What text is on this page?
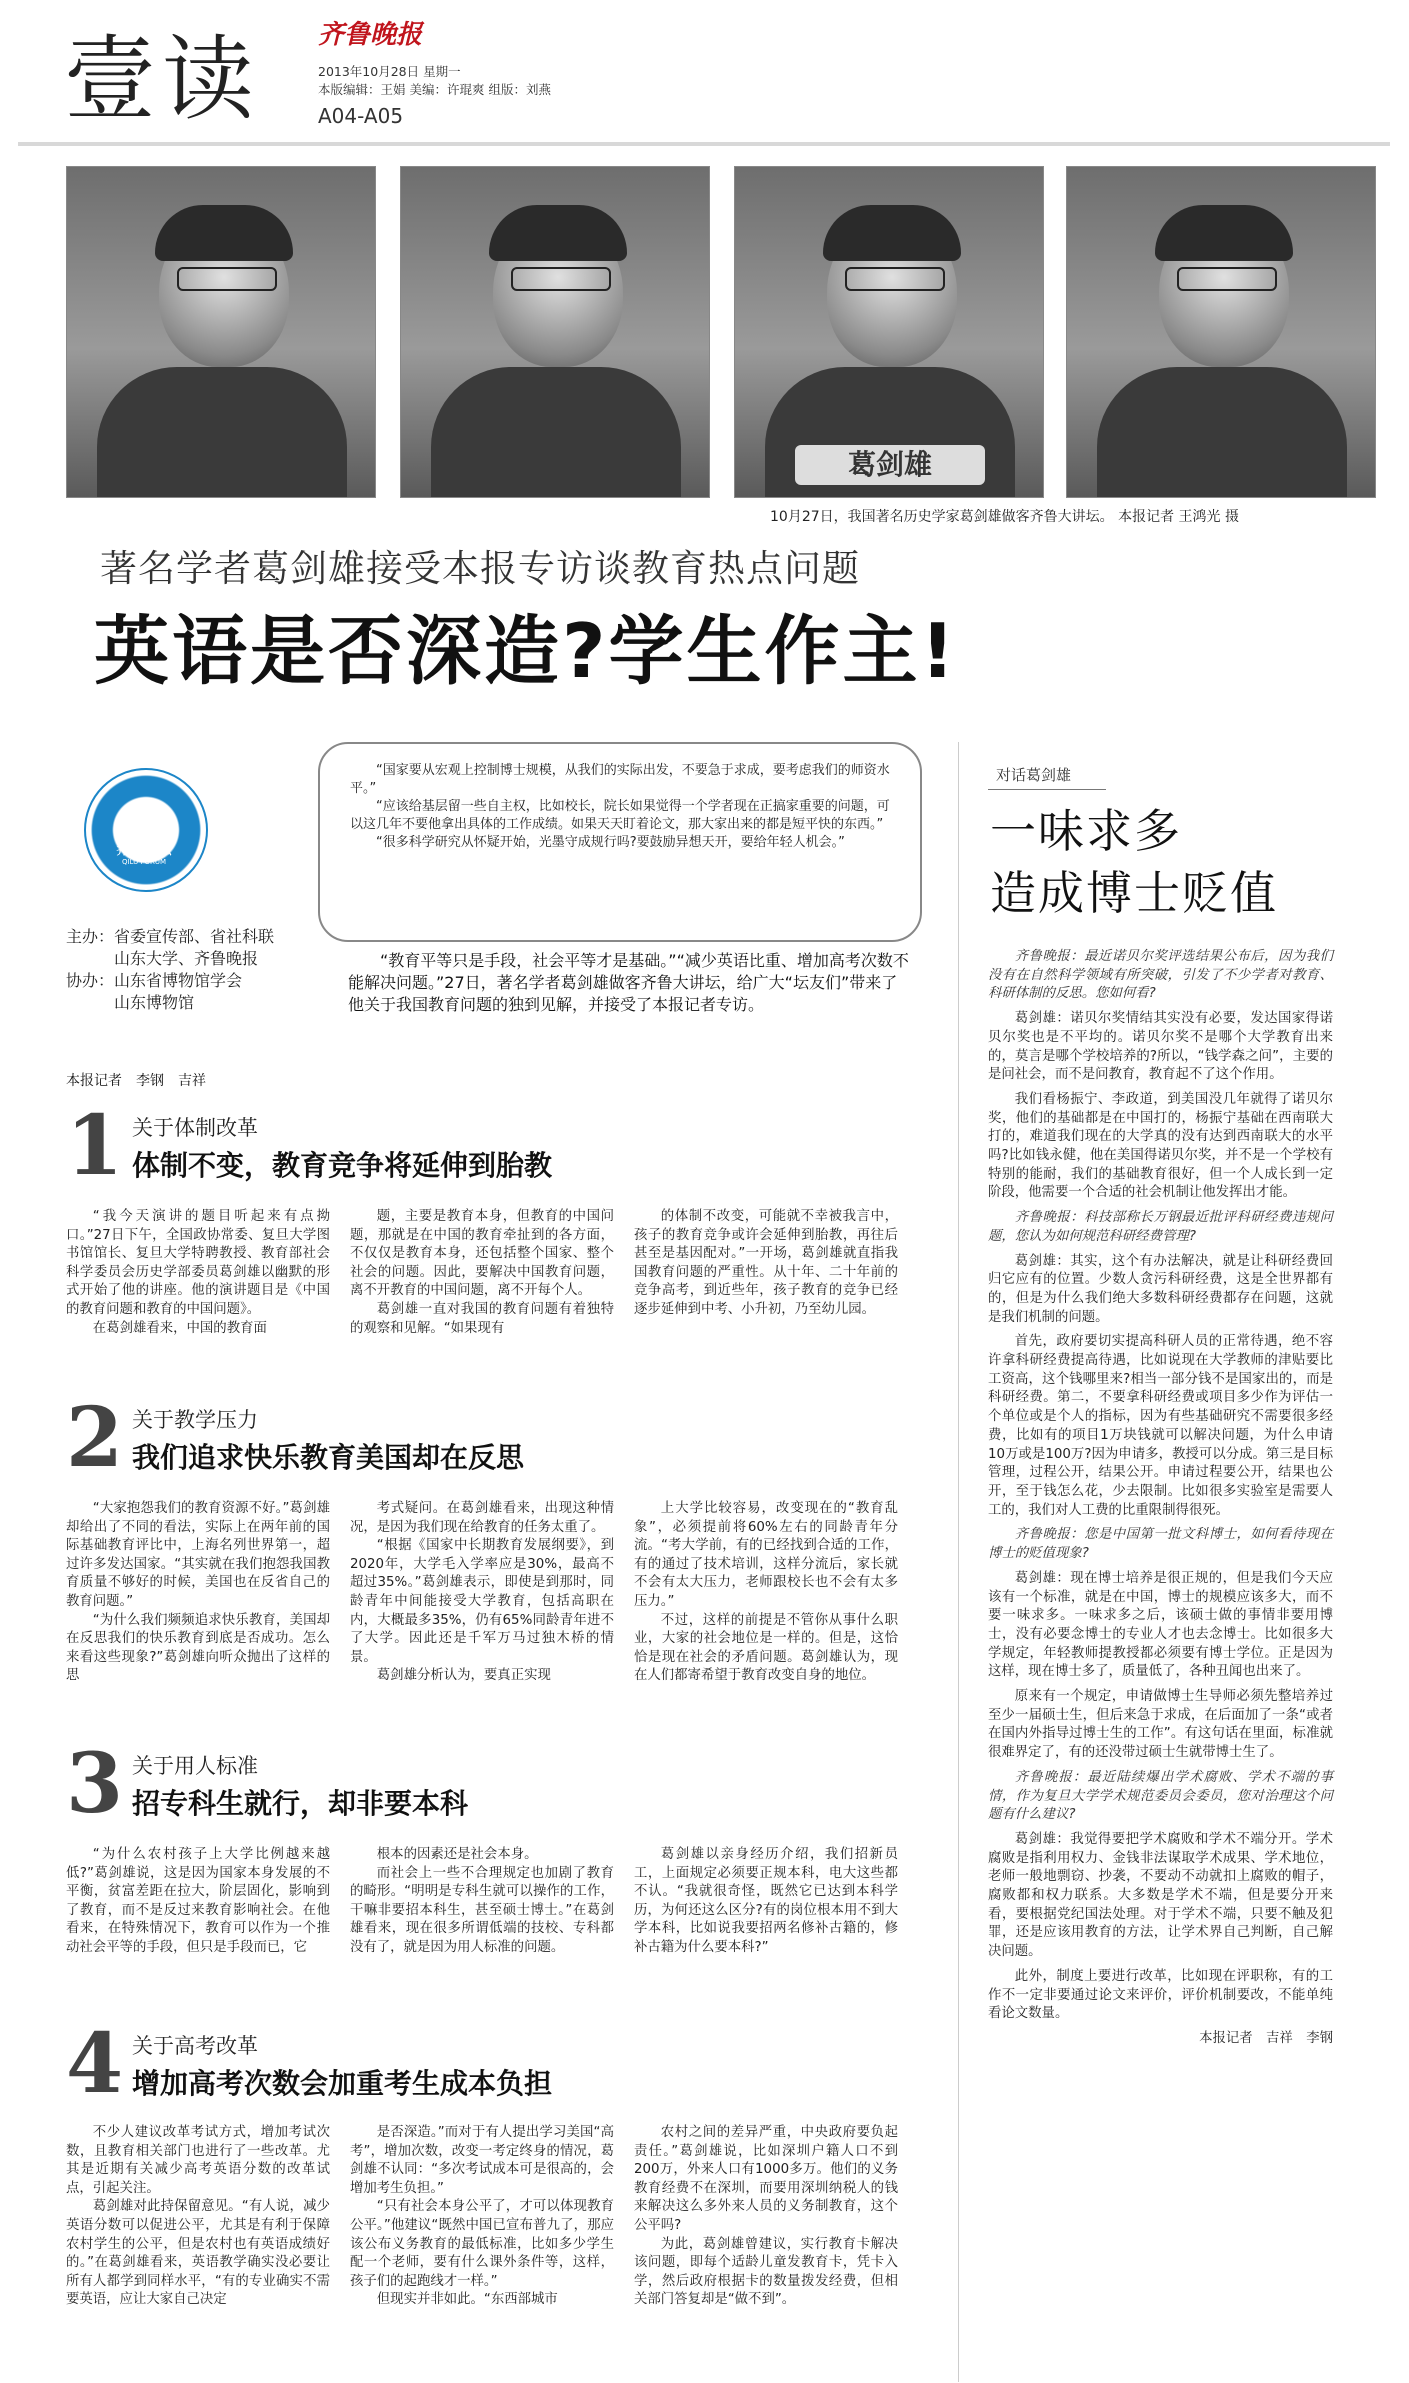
壹读 齐鲁晚报
2013年10月28日 星期一
本版编辑：王娟 美编：许琨爽 组版：刘燕
A04-A05
葛剑雄
10月27日，我国著名历史学家葛剑雄做客齐鲁大讲坛。 本报记者 王鸿光 摄
著名学者葛剑雄接受本报专访谈教育热点问题
英语是否深造?学生作主!
齐鲁大讲坛
QILU FORUM
主办：省委宣传部、省社科联
　　　山东大学、齐鲁晚报
协办：山东省博物馆学会
　　　山东博物馆

“国家要从宏观上控制博士规模，从我们的实际出发，不要急于求成，要考虑我们的师资水平。”

“应该给基层留一些自主权，比如校长，院长如果觉得一个学者现在正搞家重要的问题，可以这几年不要他拿出具体的工作成绩。如果天天盯着论文，那大家出来的都是短平快的东西。”

“很多科学研究从怀疑开始，光墨守成规行吗?要鼓励异想天开，要给年轻人机会。”

“教育平等只是手段，社会平等才是基础。”“减少英语比重、增加高考次数不能解决问题。”27日，著名学者葛剑雄做客齐鲁大讲坛，给广大“坛友们”带来了他关于我国教育问题的独到见解，并接受了本报记者专访。
本报记者　李钢　吉祥
1 关于体制改革
体制不变，教育竞争将延伸到胎教

“我今天演讲的题目听起来有点拗口。”27日下午，全国政协常委、复旦大学图书馆馆长、复旦大学特聘教授、教育部社会科学委员会历史学部委员葛剑雄以幽默的形式开始了他的讲座。他的演讲题目是《中国的教育问题和教育的中国问题》。

在葛剑雄看来，中国的教育面

题，主要是教育本身，但教育的中国问题，那就是在中国的教育牵扯到的各方面，不仅仅是教育本身，还包括整个国家、整个社会的问题。因此，要解决中国教育问题，离不开教育的中国问题，离不开每个人。

葛剑雄一直对我国的教育问题有着独特的观察和见解。“如果现有

的体制不改变，可能就不幸被我言中，孩子的教育竞争或许会延伸到胎教，再往后甚至是基因配对。”一开场，葛剑雄就直指我国教育问题的严重性。从十年、二十年前的竞争高考，到近些年，孩子教育的竞争已经逐步延伸到中考、小升初，乃至幼儿园。

2 关于教学压力
我们追求快乐教育美国却在反思

“大家抱怨我们的教育资源不好。”葛剑雄却给出了不同的看法，实际上在两年前的国际基础教育评比中，上海名列世界第一，超过许多发达国家。“其实就在我们抱怨我国教育质量不够好的时候，美国也在反省自己的教育问题。”

“为什么我们频频追求快乐教育，美国却在反思我们的快乐教育到底是否成功。怎么来看这些现象?”葛剑雄向听众抛出了这样的思

考式疑问。在葛剑雄看来，出现这种情况，是因为我们现在给教育的任务太重了。

“根据《国家中长期教育发展纲要》，到2020年，大学毛入学率应是30%，最高不超过35%。”葛剑雄表示，即使是到那时，同龄青年中间能接受大学教育，包括高职在内，大概最多35%，仍有65%同龄青年进不了大学。因此还是千军万马过独木桥的情景。

葛剑雄分析认为，要真正实现

上大学比较容易，改变现在的“教育乱象”，必须提前将60%左右的同龄青年分流。“考大学前，有的已经找到合适的工作，有的通过了技术培训，这样分流后，家长就不会有太大压力，老师跟校长也不会有太多压力。”

不过，这样的前提是不管你从事什么职业，大家的社会地位是一样的。但是，这恰恰是现在社会的矛盾问题。葛剑雄认为，现在人们都寄希望于教育改变自身的地位。

3 关于用人标准
招专科生就行，却非要本科

“为什么农村孩子上大学比例越来越低?”葛剑雄说，这是因为国家本身发展的不平衡，贫富差距在拉大，阶层固化，影响到了教育，而不是反过来教育影响社会。在他看来，在特殊情况下，教育可以作为一个推动社会平等的手段，但只是手段而已，它

根本的因素还是社会本身。

而社会上一些不合理规定也加剧了教育的畸形。“明明是专科生就可以操作的工作，干嘛非要招本科生，甚至硕士博士。”在葛剑雄看来，现在很多所谓低端的技校、专科都没有了，就是因为用人标准的问题。

葛剑雄以亲身经历介绍，我们招新员工，上面规定必须要正规本科，电大这些都不认。“我就很奇怪，既然它已达到本科学历，为何还这么区分?有的岗位根本用不到大学本科，比如说我要招两名修补古籍的，修补古籍为什么要本科?”

4 关于高考改革
增加高考次数会加重考生成本负担

不少人建议改革考试方式，增加考试次数，且教育相关部门也进行了一些改革。尤其是近期有关减少高考英语分数的改革试点，引起关注。

葛剑雄对此持保留意见。“有人说，减少英语分数可以促进公平，尤其是有利于保障农村学生的公平，但是农村也有英语成绩好的。”在葛剑雄看来，英语教学确实没必要让所有人都学到同样水平，“有的专业确实不需要英语，应让大家自己决定

是否深造。”而对于有人提出学习美国“高考”，增加次数，改变一考定终身的情况，葛剑雄不认同：“多次考试成本可是很高的，会增加考生负担。”

“只有社会本身公平了，才可以体现教育公平。”他建议“既然中国已宣布普九了，那应该公布义务教育的最低标准，比如多少学生配一个老师，要有什么课外条件等，这样，孩子们的起跑线才一样。”

但现实并非如此。“东西部城市

农村之间的差异严重，中央政府要负起责任。”葛剑雄说，比如深圳户籍人口不到200万，外来人口有1000多万。他们的义务教育经费不在深圳，而要用深圳纳税人的钱来解决这么多外来人员的义务制教育，这个公平吗?

为此，葛剑雄曾建议，实行教育卡解决该问题，即每个适龄儿童发教育卡，凭卡入学，然后政府根据卡的数量拨发经费，但相关部门答复却是“做不到”。

对话葛剑雄
一味求多
造成博士贬值

齐鲁晚报：最近诺贝尔奖评选结果公布后，因为我们没有在自然科学领域有所突破，引发了不少学者对教育、科研体制的反思。您如何看?

葛剑雄：诺贝尔奖情结其实没有必要，发达国家得诺贝尔奖也是不平均的。诺贝尔奖不是哪个大学教育出来的，莫言是哪个学校培养的?所以，“钱学森之问”，主要的是问社会，而不是问教育，教育起不了这个作用。

我们看杨振宁、李政道，到美国没几年就得了诺贝尔奖，他们的基础都是在中国打的，杨振宁基础在西南联大打的，难道我们现在的大学真的没有达到西南联大的水平吗?比如钱永健，他在美国得诺贝尔奖，并不是一个学校有特别的能耐，我们的基础教育很好，但一个人成长到一定阶段，他需要一个合适的社会机制让他发挥出才能。

齐鲁晚报：科技部称长万钢最近批评科研经费违规问题，您认为如何规范科研经费管理?

葛剑雄：其实，这个有办法解决，就是让科研经费回归它应有的位置。少数人贪污科研经费，这是全世界都有的，但是为什么我们绝大多数科研经费都存在问题，这就是我们机制的问题。

首先，政府要切实提高科研人员的正常待遇，绝不容许拿科研经费提高待遇，比如说现在大学教师的津贴要比工资高，这个钱哪里来?相当一部分钱不是国家出的，而是科研经费。第二，不要拿科研经费或项目多少作为评估一个单位或是个人的指标，因为有些基础研究不需要很多经费，比如有的项目1万块钱就可以解决问题，为什么申请10万或是100万?因为申请多，教授可以分成。第三是目标管理，过程公开，结果公开。申请过程要公开，结果也公开，至于钱怎么花，少去限制。比如很多实验室是需要人工的，我们对人工费的比重限制得很死。

齐鲁晚报：您是中国第一批文科博士，如何看待现在博士的贬值现象?

葛剑雄：现在博士培养是很正规的，但是我们今天应该有一个标准，就是在中国，博士的规模应该多大，而不要一味求多。一味求多之后，该硕士做的事情非要用博士，没有必要念博士的专业人才也去念博士。比如很多大学规定，年轻教师提教授都必须要有博士学位。正是因为这样，现在博士多了，质量低了，各种丑闻也出来了。

原来有一个规定，申请做博士生导师必须先整培养过至少一届硕士生，但后来急于求成，在后面加了一条“或者在国内外指导过博士生的工作”。有这句话在里面，标准就很难界定了，有的还没带过硕士生就带博士生了。

齐鲁晚报：最近陆续爆出学术腐败、学术不端的事情，作为复旦大学学术规范委员会委员，您对治理这个问题有什么建议?

葛剑雄：我觉得要把学术腐败和学术不端分开。学术腐败是指利用权力、金钱非法谋取学术成果、学术地位，老师一般地剽窃、抄袭，不要动不动就扣上腐败的帽子，腐败都和权力联系。大多数是学术不端，但是要分开来看，要根据党纪国法处理。对于学术不端，只要不触及犯罪，还是应该用教育的方法，让学术界自己判断，自己解决问题。

此外，制度上要进行改革，比如现在评职称，有的工作不一定非要通过论文来评价，评价机制要改，不能单纯看论文数量。

本报记者　吉祥　李钢
